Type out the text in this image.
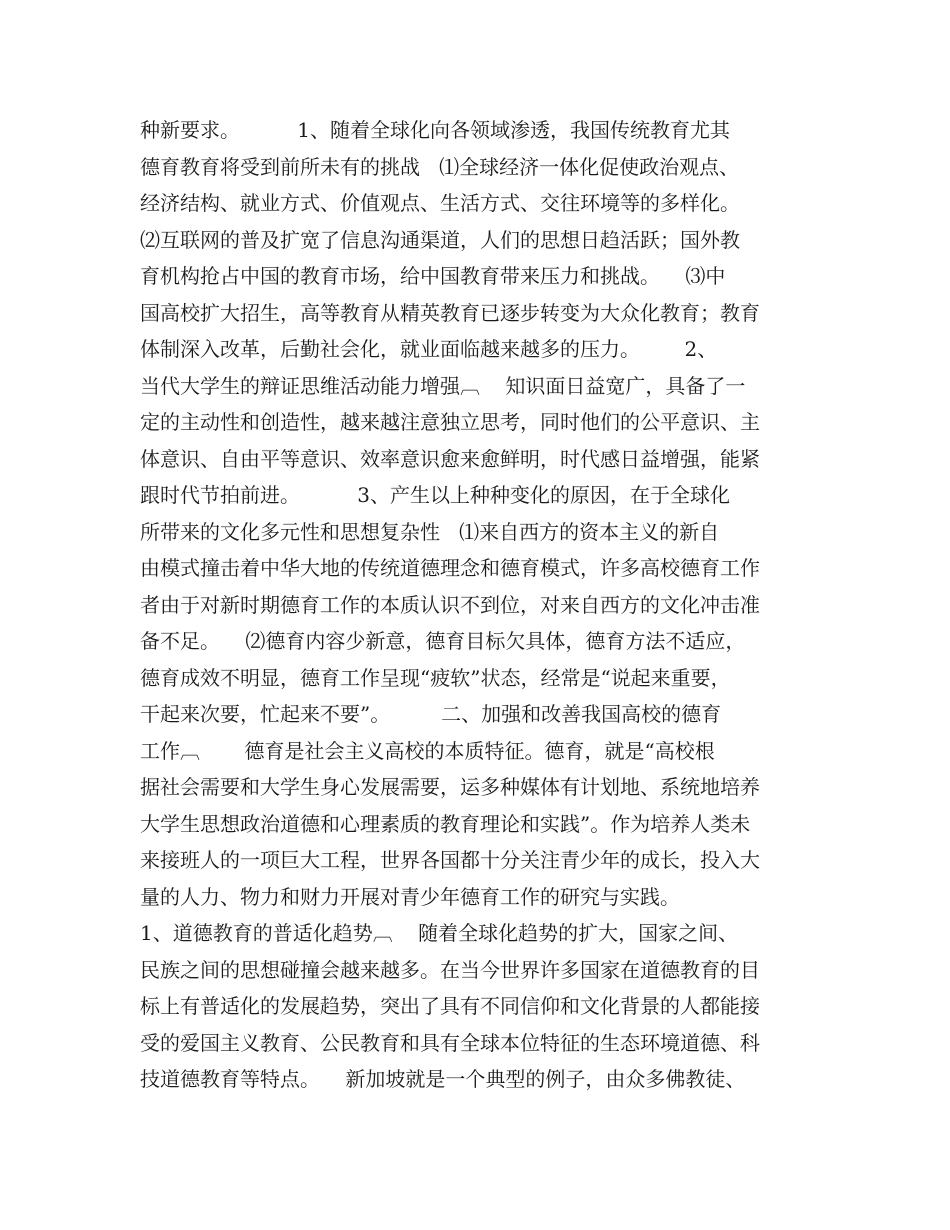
种新要求。         1、随着全球化向各领域渗透，我国传统教育尤其
德育教育将受到前所未有的挑战   ⑴全球经济一体化促使政治观点、
经济结构、就业方式、价值观点、生活方式、交往环境等的多样化。
⑵互联网的普及扩宽了信息沟通渠道，人们的思想日趋活跃；国外教
育机构抢占中国的教育市场，给中国教育带来压力和挑战。    ⑶中
国高校扩大招生，高等教育从精英教育已逐步转变为大众化教育；教育
体制深入改革，后勤社会化，就业面临越来越多的压力。       2、
当代大学生的辩证思维活动能力增强︹    知识面日益宽广，具备了一
定的主动性和创造性，越来越注意独立思考，同时他们的公平意识、主
体意识、自由平等意识、效率意识愈来愈鲜明，时代感日益增强，能紧
跟时代节拍前进。         3、产生以上种种变化的原因，在于全球化
所带来的文化多元性和思想复杂性   ⑴来自西方的资本主义的新自
由模式撞击着中华大地的传统道德理念和德育模式，许多高校德育工作
者由于对新时期德育工作的本质认识不到位，对来自西方的文化冲击准
备不足。    ⑵德育内容少新意，德育目标欠具体，德育方法不适应，
德育成效不明显，德育工作呈现“疲软”状态，经常是“说起来重要，
干起来次要，忙起来不要”。        二、加强和改善我国高校的德育
工作︹       德育是社会主义高校的本质特征。德育，就是“高校根
据社会需要和大学生身心发展需要，运多种媒体有计划地、系统地培养
大学生思想政治道德和心理素质的教育理论和实践”。作为培养人类未
来接班人的一项巨大工程，世界各国都十分关注青少年的成长，投入大
量的人力、物力和财力开展对青少年德育工作的研究与实践。
1、道德教育的普适化趋势︹    随着全球化趋势的扩大，国家之间、
民族之间的思想碰撞会越来越多。在当今世界许多国家在道德教育的目
标上有普适化的发展趋势，突出了具有不同信仰和文化背景的人都能接
受的爱国主义教育、公民教育和具有全球本位特征的生态环境道德、科
技道德教育等特点。    新加坡就是一个典型的例子，由众多佛教徒、
